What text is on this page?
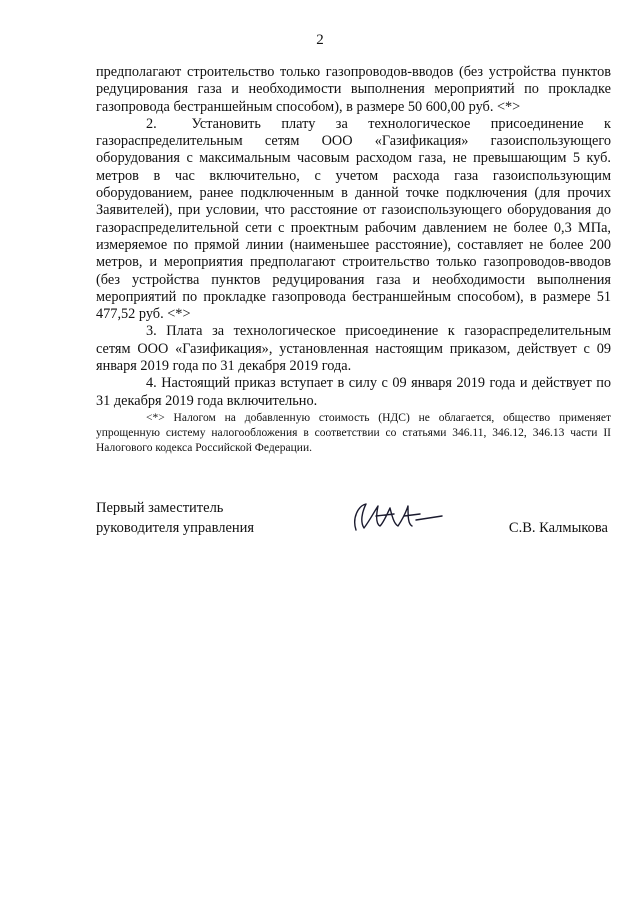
2

предполагают строительство только газопроводов-вводов (без устройства пунктов редуцирования газа и необходимости выполнения мероприятий по прокладке газопровода бестраншейным способом), в размере 50 600,00 руб. <*>

2.  Установить плату за технологическое присоединение к газораспределительным сетям ООО «Газификация» газоиспользующего оборудования с максимальным часовым расходом газа, не превышающим 5 куб. метров в час включительно, с учетом расхода газа газоиспользующим оборудованием, ранее подключенным в данной точке подключения (для прочих Заявителей), при условии, что расстояние от газоиспользующего оборудования до газораспределительной сети с проектным рабочим давлением не более 0,3 МПа, измеряемое по прямой линии (наименьшее расстояние), составляет не более 200 метров, и мероприятия предполагают строительство только газопроводов-вводов (без устройства пунктов редуцирования газа и необходимости выполнения мероприятий по прокладке газопровода бестраншейным способом), в размере 51 477,52 руб. <*>

3. Плата за технологическое присоединение к газораспределительным сетям ООО «Газификация», установленная настоящим приказом, действует с 09 января 2019 года по 31 декабря 2019 года.

4. Настоящий приказ вступает в силу с 09 января 2019 года и действует по 31 декабря 2019 года включительно.

<*> Налогом на добавленную стоимость (НДС) не облагается, общество применяет упрощенную систему налогообложения в соответствии со статьями 346.11, 346.12, 346.13 части II Налогового кодекса Российской Федерации.

Первый заместитель
руководителя управления	С.В. Калмыкова
